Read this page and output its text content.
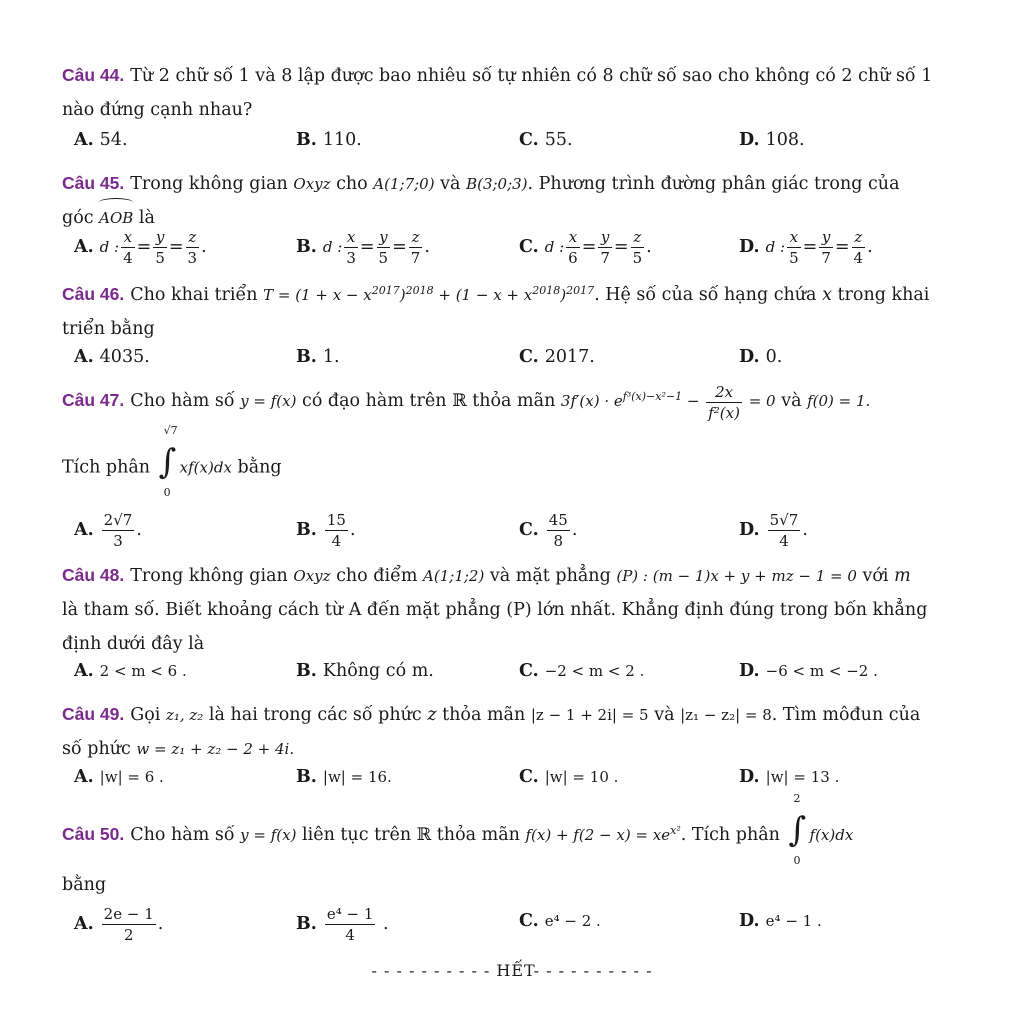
Câu 44. Từ 2 chữ số 1 và 8 lập được bao nhiêu số tự nhiên có 8 chữ số sao cho không có 2 chữ số 1
nào đứng cạnh nhau?
A. 54.	B. 110.	C. 55.	D. 108.
Câu 45. Trong không gian Oxyz cho A(1;7;0) và B(3;0;3). Phương trình đường phân giác trong của
góc AOB là
A. d : $\frac{x}{4} = \frac{y}{5} = \frac{z}{3}$ .	B. d : $\frac{x}{3} = \frac{y}{5} = \frac{z}{7}$ .	C. d : $\frac{x}{6} = \frac{y}{7} = \frac{z}{5}$ .	D. d : $\frac{x}{5} = \frac{y}{7} = \frac{z}{4}$ .
Câu 46. Cho khai triển $T = (1 + x - x^{2017})^{2018} + (1 - x + x^{2018})^{2017}$. Hệ số của số hạng chứa x trong khai
triển bằng
A. 4035.	B. 1.	C. 2017.	D. 0.
Câu 47. Cho hàm số y = f(x) có đạo hàm trên ℝ thỏa mãn $3f'(x) \cdot e^{f^3(x)-x^2-1} - \frac{2x}{\text{f²(x)}} = 0$ và f(0) = 1.
Tích phân
√7
∫
0
xf(x)dx bằng
A. $\frac{2√7}{3}$ .	B. $\frac{15}{4}$ .	C. $\frac{45}{8}$ .	D. $\frac{5√7}{4}$ .
Câu 48. Trong không gian Oxyz cho điểm A(1;1;2) và mặt phẳng (P) : (m − 1)x + y + mz − 1 = 0 với m
là tham số. Biết khoảng cách từ A đến mặt phẳng (P) lớn nhất. Khẳng định đúng trong bốn khẳng
định dưới đây là
A. 2 < m < 6 .	B. Không có m.	C. −2 < m < 2 .	D. −6 < m < −2 .
Câu 49. Gọi z₁, z₂ là hai trong các số phức z thỏa mãn |z − 1 + 2i| = 5 và |z₁ − z₂| = 8. Tìm môđun của
số phức w = z₁ + z₂ − 2 + 4i.
A. |w| = 6 .	B. |w| = 16.	C. |w| = 10 .	D. |w| = 13 .
Câu 50. Cho hàm số y = f(x) liên tục trên ℝ thỏa mãn $f(x) + f(2 - x) = xe^{x^2}$. Tích phân
2
∫
0
f(x)dx
bằng
A. $\frac{2e - 1}{2}$ .	B. $\frac{\text{e⁴ − 1}}{4}$ .	C. e⁴ − 2 .	D. e⁴ − 1 .
- - - - - - - - - - HẾT- - - - - - - - - -
